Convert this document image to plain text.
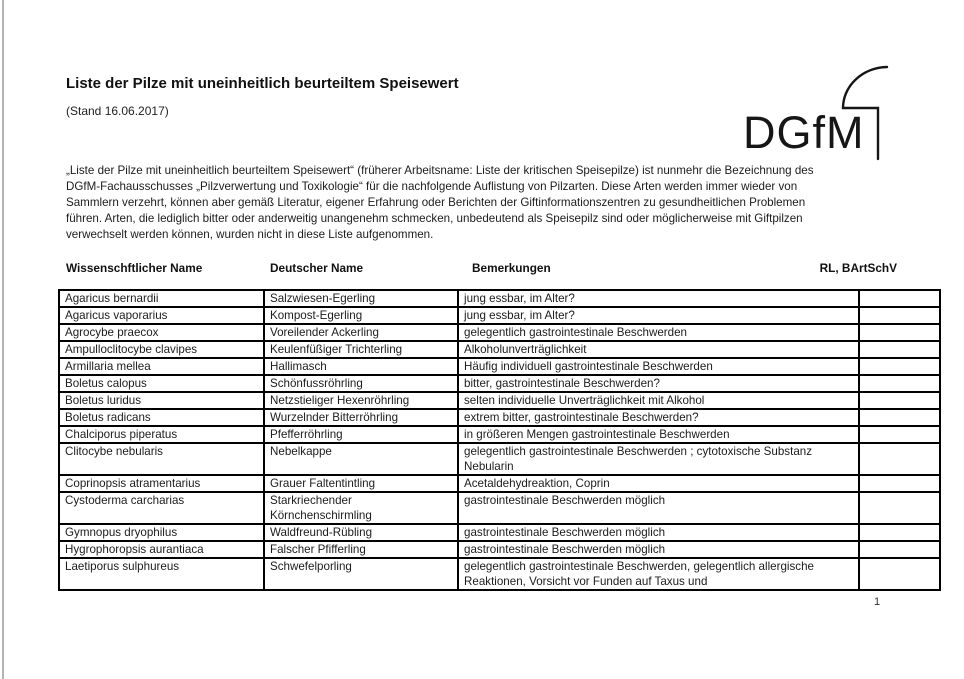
Liste der Pilze mit uneinheitlich beurteiltem Speisewert
(Stand 16.06.2017)	DGfM
„Liste der Pilze mit uneinheitlich beurteiltem Speisewert“ (früherer Arbeitsname: Liste der kritischen Speisepilze) ist nunmehr die Bezeichnung des
DGfM-Fachausschusses „Pilzverwertung und Toxikologie“ für die nachfolgende Auflistung von Pilzarten. Diese Arten werden immer wieder von
Sammlern verzehrt, können aber gemäß Literatur, eigener Erfahrung oder Berichten der Giftinformationszentren zu gesundheitlichen Problemen
führen. Arten, die lediglich bitter oder anderweitig unangenehm schmecken, unbedeutend als Speisepilz sind oder möglicherweise mit Giftpilzen
verwechselt werden können, wurden nicht in diese Liste aufgenommen.
Wissenschftlicher Name	Deutscher Name	Bemerkungen	RL, BArtSchV
Agaricus bernardii	Salzwiesen-Egerling	jung essbar, im Alter?	
Agaricus vaporarius	Kompost-Egerling	jung essbar, im Alter?	
Agrocybe praecox	Voreilender Ackerling	gelegentlich gastrointestinale Beschwerden	
Ampulloclitocybe clavipes	Keulenfüßiger Trichterling	Alkoholunverträglichkeit	
Armillaria mellea	Hallimasch	Häufig individuell gastrointestinale Beschwerden	
Boletus calopus	Schönfussröhrling	bitter, gastrointestinale Beschwerden?	
Boletus luridus	Netzstieliger Hexenröhrling	selten individuelle Unverträglichkeit mit Alkohol	
Boletus radicans	Wurzelnder Bitterröhrling	extrem bitter, gastrointestinale Beschwerden?	
Chalciporus piperatus	Pfefferröhrling	in größeren Mengen gastrointestinale Beschwerden	
Clitocybe nebularis	Nebelkappe	gelegentlich gastrointestinale Beschwerden ; cytotoxische Substanz Nebularin	
Coprinopsis atramentarius	Grauer Faltentintling	Acetaldehydreaktion, Coprin	
Cystoderma carcharias	Starkriechender Körnchenschirmling	gastrointestinale Beschwerden möglich	
Gymnopus dryophilus	Waldfreund-Rübling	gastrointestinale Beschwerden möglich	
Hygrophoropsis aurantiaca	Falscher Pfifferling	gastrointestinale Beschwerden möglich	
Laetiporus sulphureus	Schwefelporling	gelegentlich gastrointestinale Beschwerden, gelegentlich allergische Reaktionen, Vorsicht vor Funden auf Taxus und	
1
